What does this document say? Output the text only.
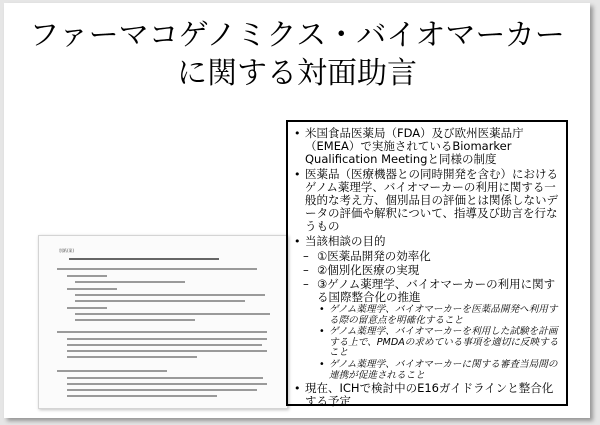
ファーマコゲノミクス・バイオマーカー
に関する対面助言
別紙(案)
• 米国食品医薬局（FDA）及び欧州医薬品庁（EMEA）で実施されているBiomarker Qualification Meetingと同様の制度
• 医薬品（医療機器との同時開発を含む）におけるゲノム薬理学、バイオマーカーの利用に関する一般的な考え方、個別品目の評価とは関係しないデータの評価や解釈について、指導及び助言を行なうもの
• 当該相談の目的
– ①医薬品開発の効率化
– ②個別化医療の実現
– ③ゲノム薬理学、バイオマーカーの利用に関する国際整合化の推進
• ゲノム薬理学、バイオマーカーを医薬品開発へ利用する際の留意点を明確化すること
• ゲノム薬理学、バイオマーカーを利用した試験を計画する上で、PMDAの求めている事項を適切に反映すること
• ゲノム薬理学、バイオマーカーに関する審査当局間の連携が促進されること
• 現在、ICHで検討中のE16ガイドラインと整合化する予定
